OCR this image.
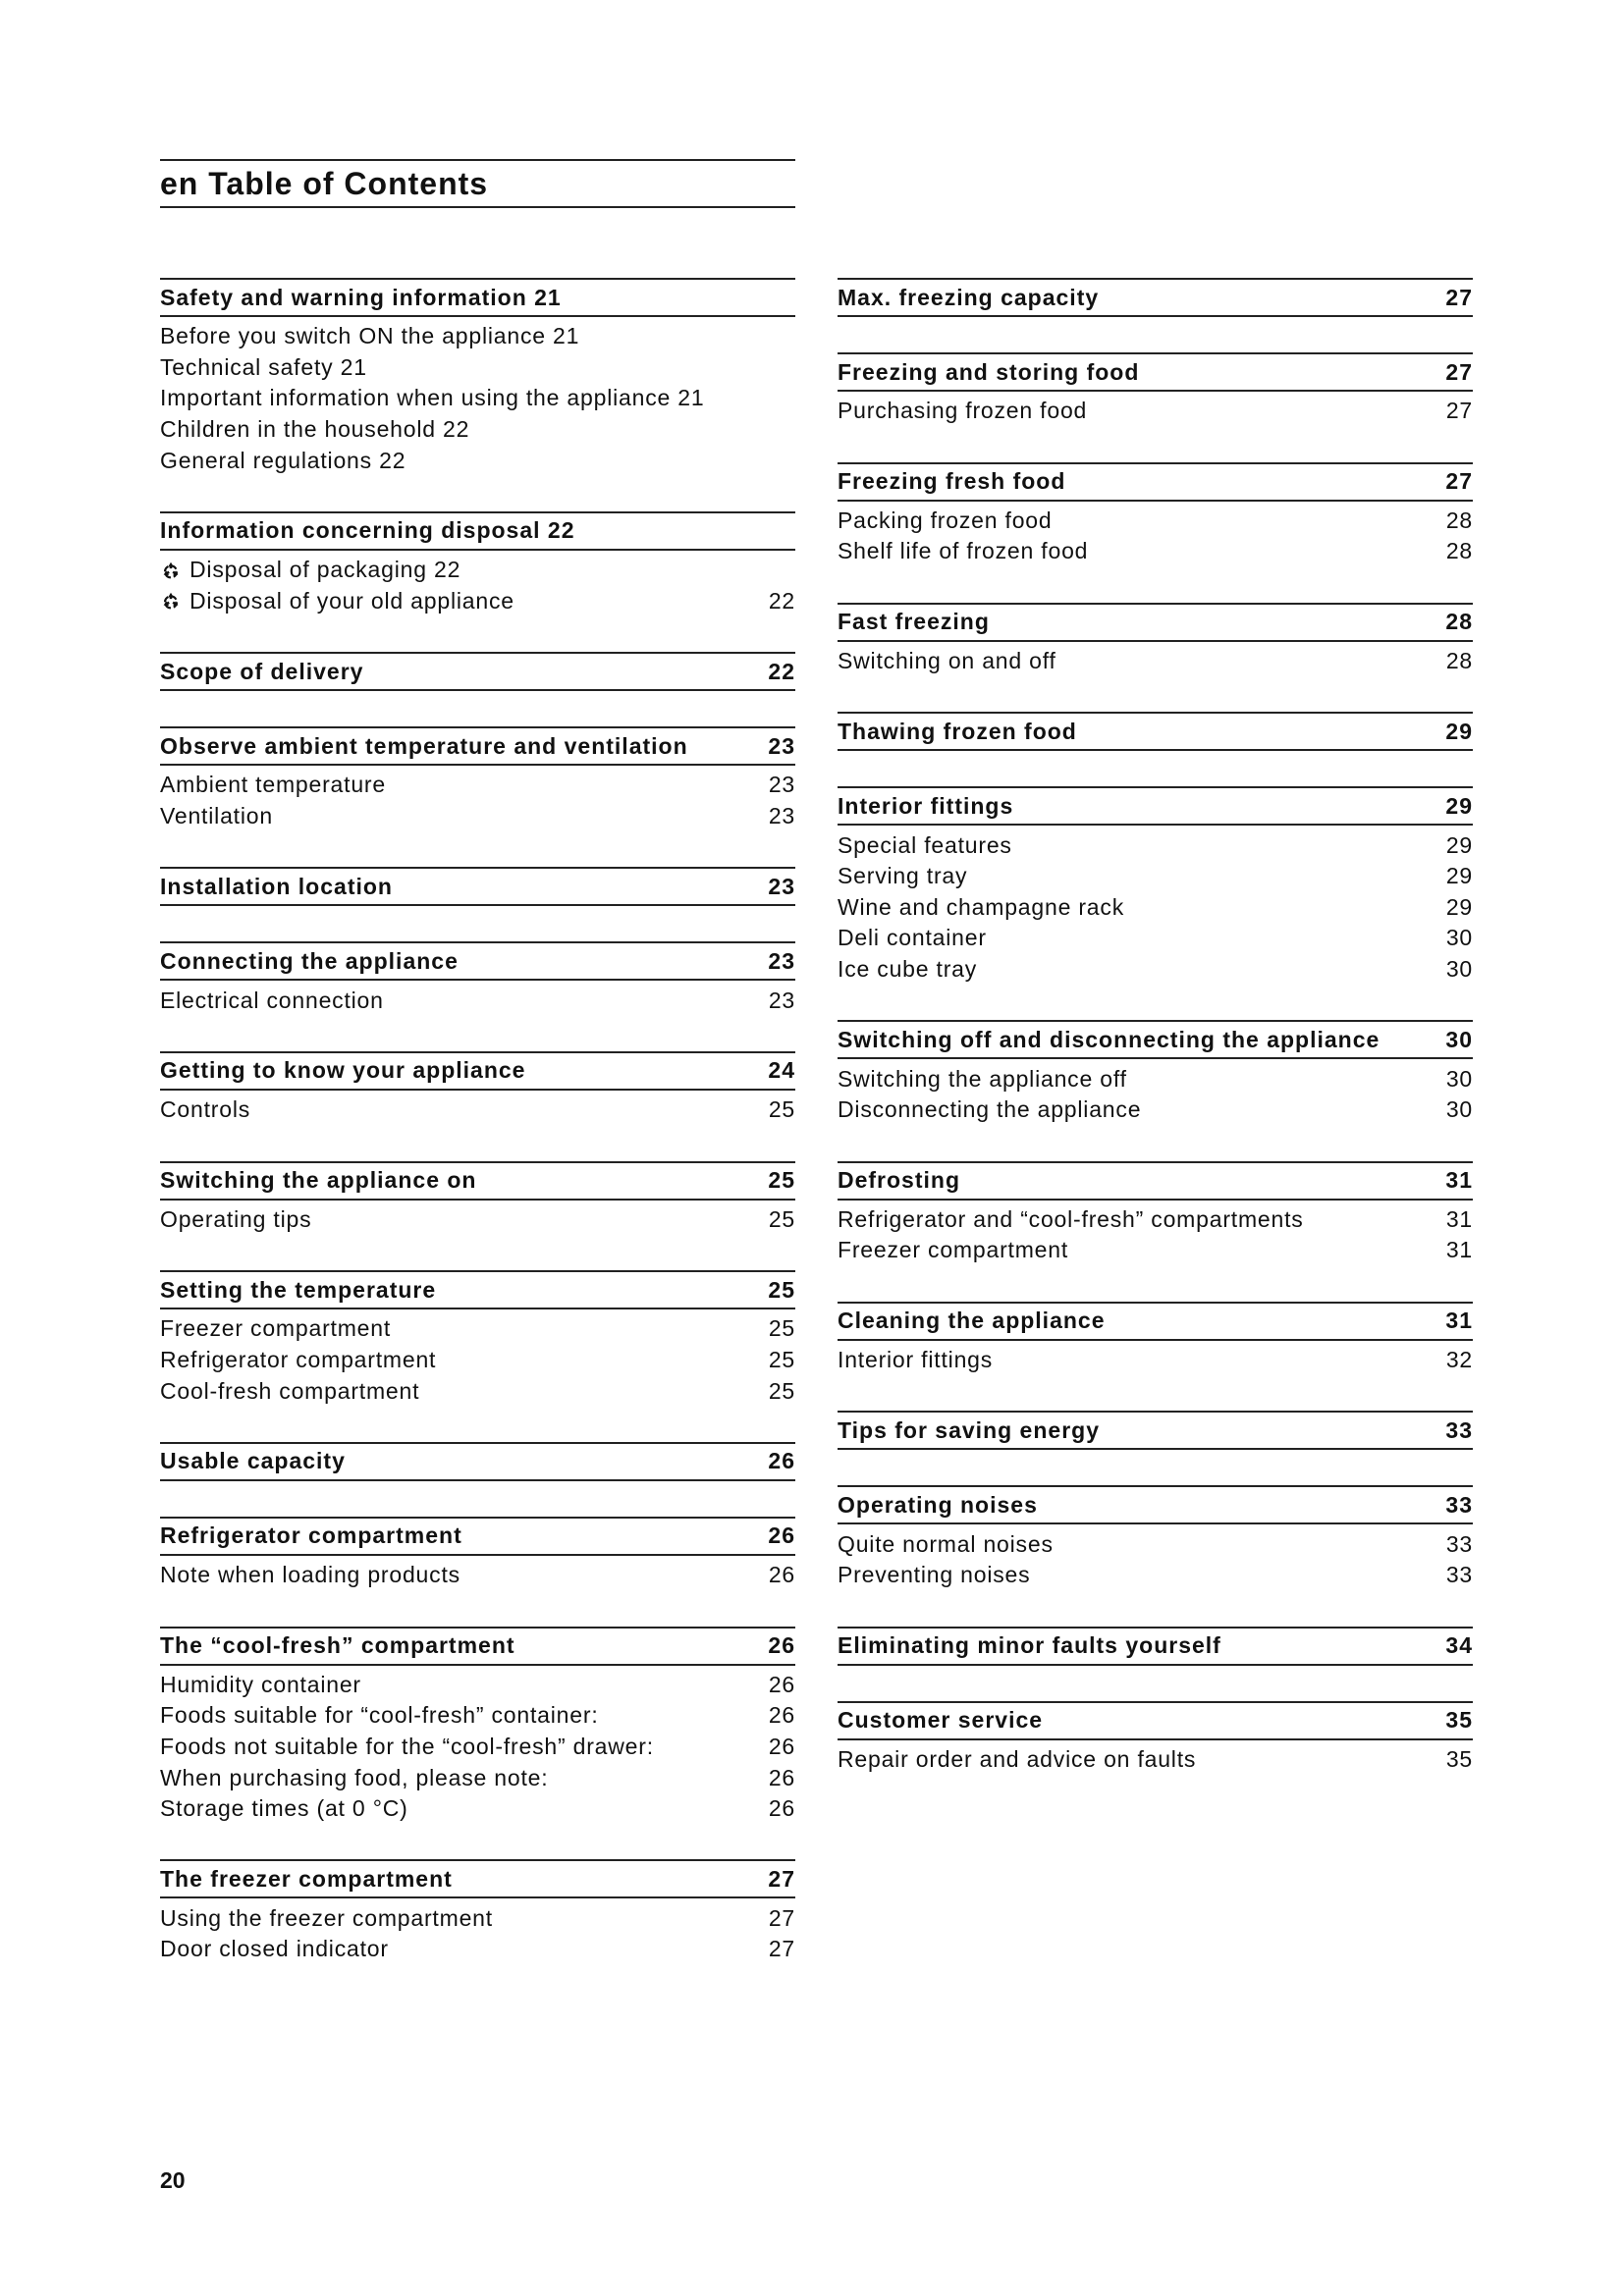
en Table of Contents
Safety and warning information 21
Before you switch ON the appliance 21
Technical safety 21
Important information when using the appliance 21
Children in the household 22
General regulations 22
Information concerning disposal 22
Disposal of packaging 22
Disposal of your old appliance	22
Scope of delivery	22
Observe ambient temperature and ventilation	23
Ambient temperature	23
Ventilation	23
Installation location	23
Connecting the appliance	23
Electrical connection	23
Getting to know your appliance	24
Controls	25
Switching the appliance on	25
Operating tips	25
Setting the temperature	25
Freezer compartment	25
Refrigerator compartment	25
Cool-fresh compartment	25
Usable capacity	26
Refrigerator compartment	26
Note when loading products	26
The “cool-fresh” compartment	26
Humidity container	26
Foods suitable for “cool-fresh” container:	26
Foods not suitable for the “cool-fresh” drawer:	26
When purchasing food, please note:	26
Storage times (at 0 °C)	26
The freezer compartment	27
Using the freezer compartment	27
Door closed indicator	27
Max. freezing capacity	27
Freezing and storing food	27
Purchasing frozen food	27
Freezing fresh food	27
Packing frozen food	28
Shelf life of frozen food	28
Fast freezing	28
Switching on and off	28
Thawing frozen food	29
Interior fittings	29
Special features	29
Serving tray	29
Wine and champagne rack	29
Deli container	30
Ice cube tray	30
Switching off and disconnecting the appliance	30
Switching the appliance off	30
Disconnecting the appliance	30
Defrosting	31
Refrigerator and “cool-fresh” compartments	31
Freezer compartment	31
Cleaning the appliance	31
Interior fittings	32
Tips for saving energy	33
Operating noises	33
Quite normal noises	33
Preventing noises	33
Eliminating minor faults yourself	34
Customer service	35
Repair order and advice on faults	35
20
